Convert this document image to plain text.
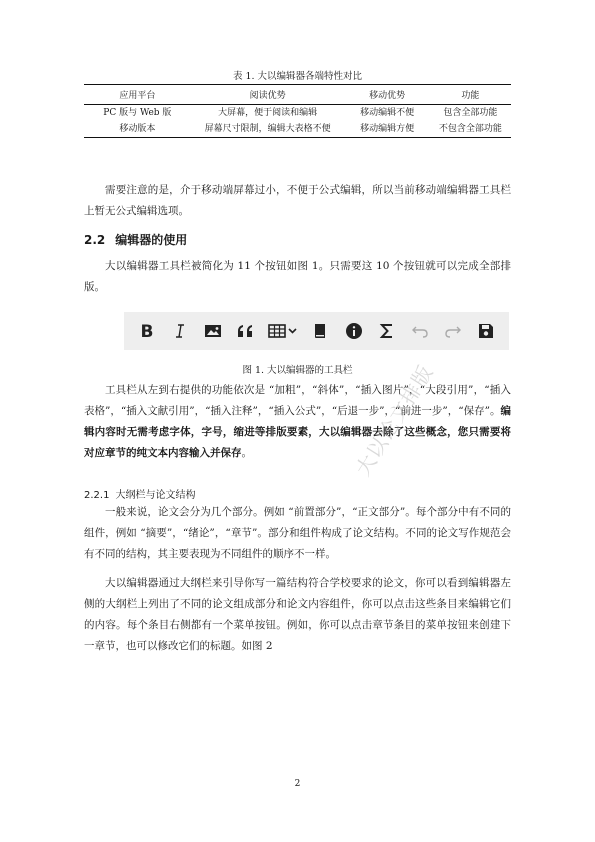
表 1. 大以编辑器各端特性对比
应用平台	阅读优势	移动优势	功能
PC 版与 Web 版	大屏幕，便于阅读和编辑	移动编辑不便	包含全部功能
移动版本	屏幕尺寸限制，编辑大表格不便	移动编辑方便	不包含全部功能

需要注意的是，介于移动端屏幕过小，不便于公式编辑，所以当前移动端编辑器工具栏上暂无公式编辑选项。

2.2 编辑器的使用

大以编辑器工具栏被简化为 11 个按钮如图 1。只需要这 10 个按钮就可以完成全部排版。

B
图 1. 大以编辑器的工具栏

工具栏从左到右提供的功能依次是 “加粗”，“斜体”，“插入图片”，“大段引用”，“插入表格”，“插入文献引用”，“插入注释”，“插入公式”，“后退一步”，“前进一步”，“保存”。编辑内容时无需考虑字体，字号，缩进等排版要素，大以编辑器去除了这些概念，您只需要将对应章节的纯文本内容输入并保存。

2.2.1 大纲栏与论文结构

一般来说，论文会分为几个部分。例如 “前置部分”，“正文部分”。每个部分中有不同的组件，例如 “摘要”，“绪论”，“章节”。部分和组件构成了论文结构。不同的论文写作规范会有不同的结构，其主要表现为不同组件的顺序不一样。

大以编辑器通过大纲栏来引导你写一篇结构符合学校要求的论文，你可以看到编辑器左侧的大纲栏上列出了不同的论文组成部分和论文内容组件，你可以点击这些条目来编辑它们的内容。每个条目右侧都有一个菜单按钮。例如，你可以点击章节条目的菜单按钮来创建下一章节，也可以修改它们的标题。如图 2

大以论文排版
2
